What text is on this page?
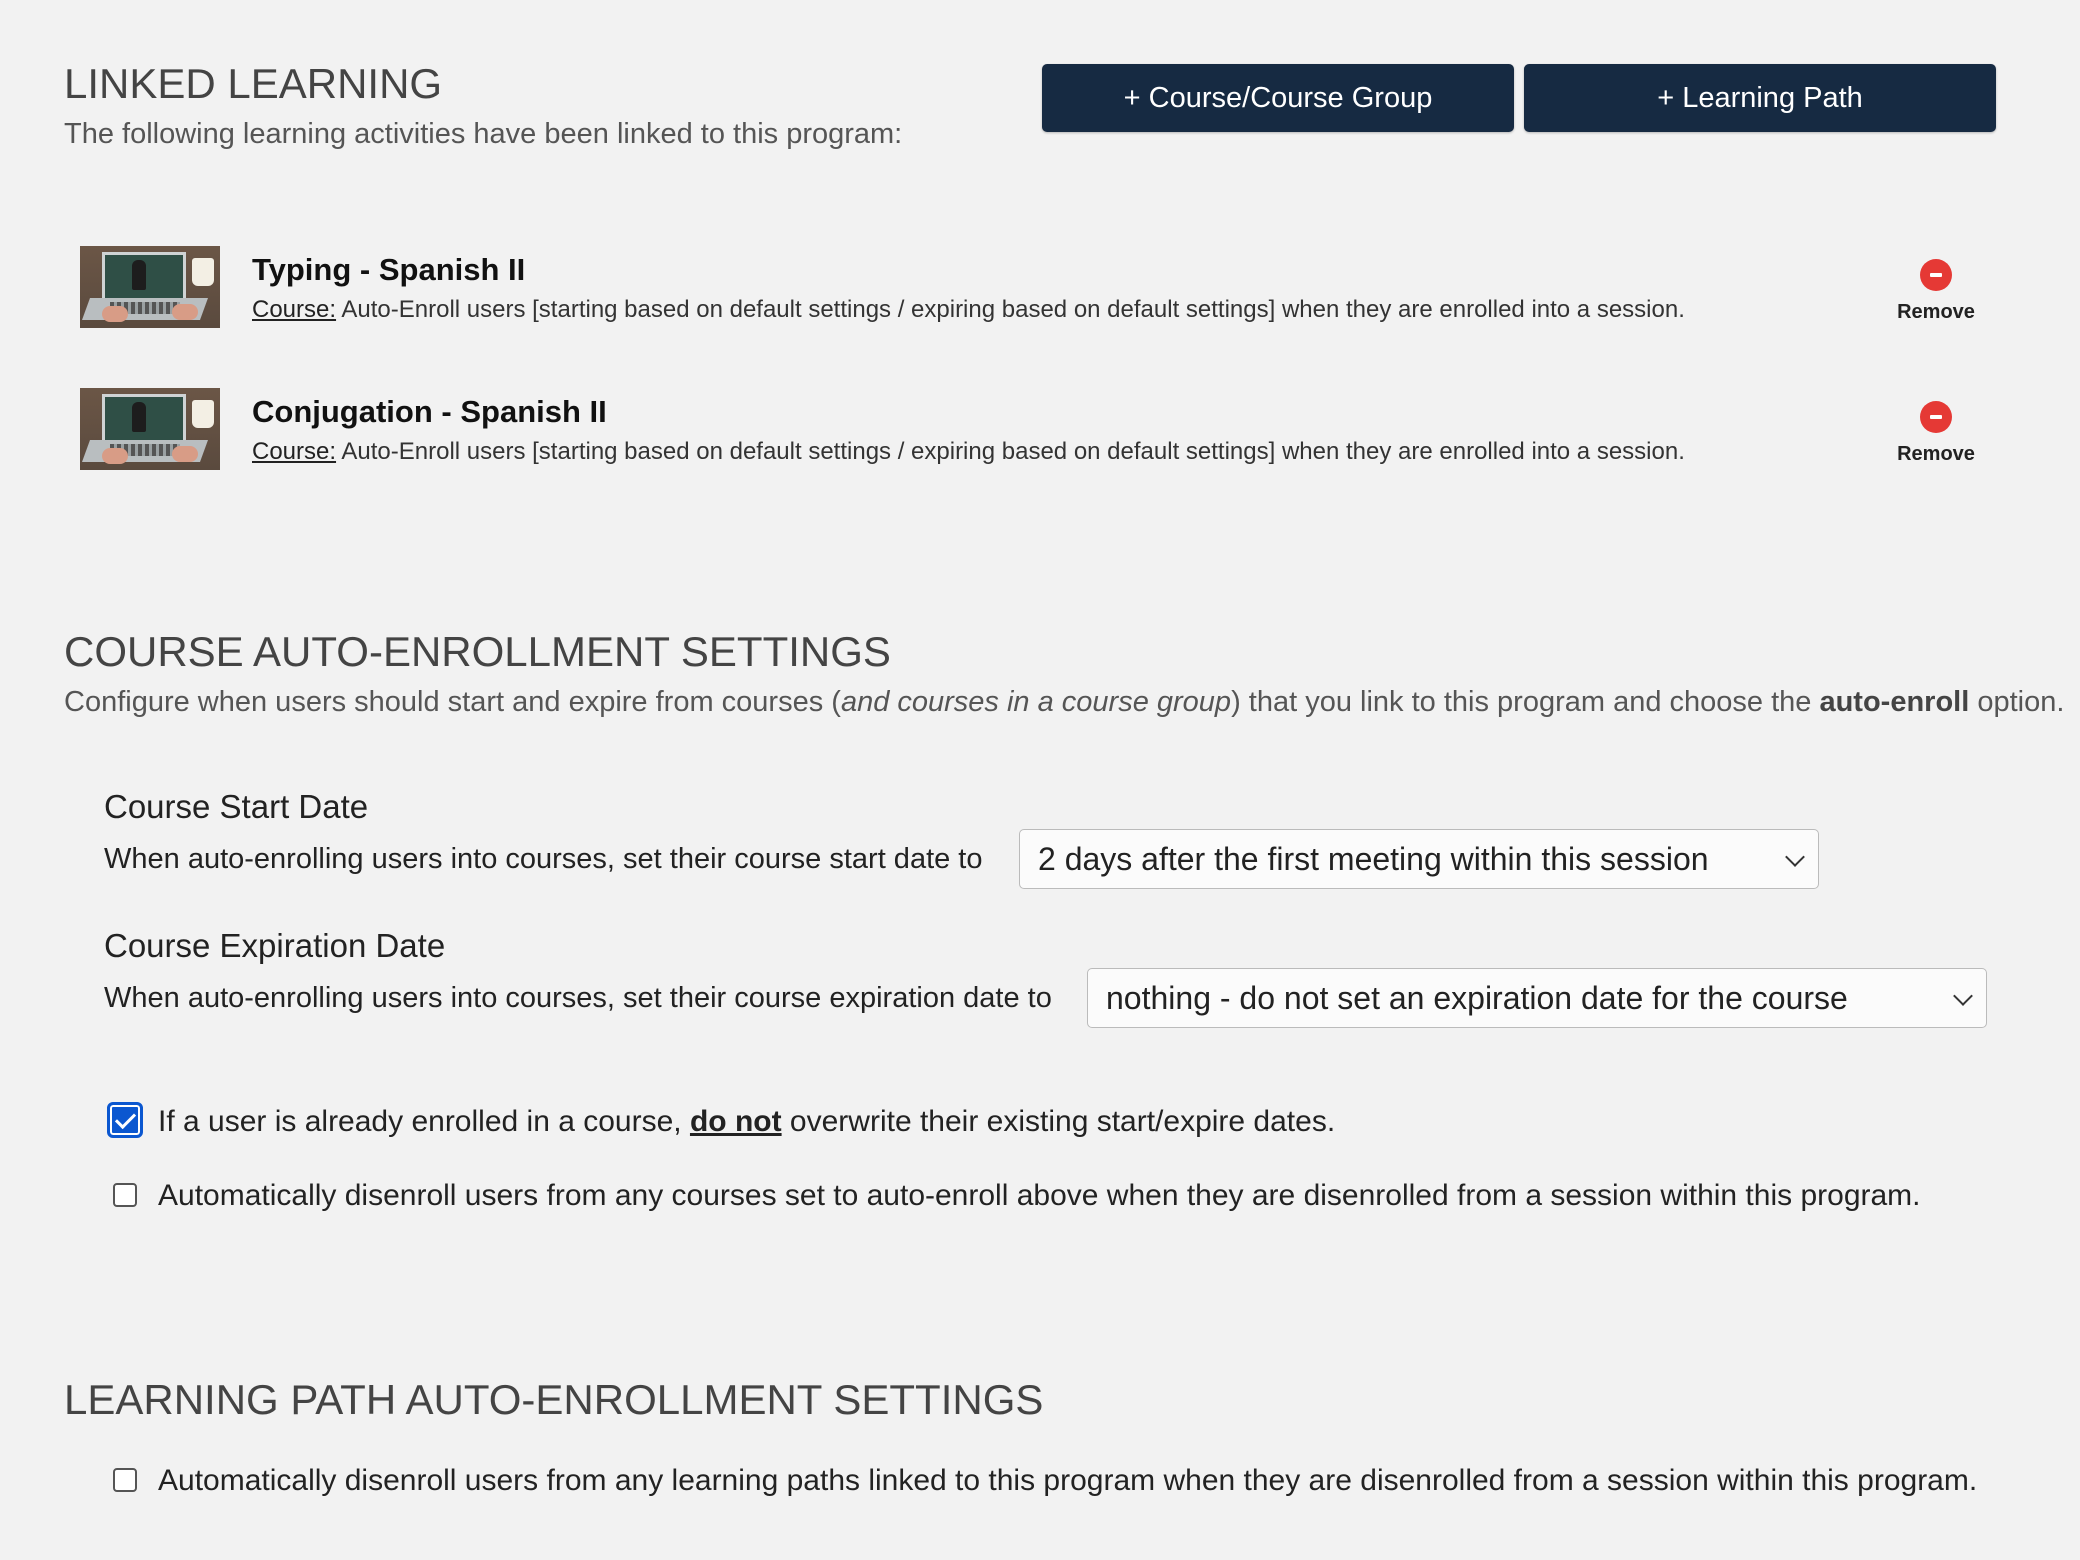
LINKED LEARNING
The following learning activities have been linked to this program:
+ Course/Course Group	+ Learning Path
Typing - Spanish II
Course: Auto-Enroll users [starting based on default settings / expiring based on default settings] when they are enrolled into a session.	Remove
Conjugation - Spanish II
Course: Auto-Enroll users [starting based on default settings / expiring based on default settings] when they are enrolled into a session.	Remove
COURSE AUTO-ENROLLMENT SETTINGS
Configure when users should start and expire from courses (and courses in a course group) that you link to this program and choose the auto-enroll option.
Course Start Date
When auto-enrolling users into courses, set their course start date to 2 days after the first meeting within this session
Course Expiration Date
When auto-enrolling users into courses, set their course expiration date to nothing - do not set an expiration date for the course
If a user is already enrolled in a course, do not overwrite their existing start/expire dates.
Automatically disenroll users from any courses set to auto-enroll above when they are disenrolled from a session within this program.
LEARNING PATH AUTO-ENROLLMENT SETTINGS
Automatically disenroll users from any learning paths linked to this program when they are disenrolled from a session within this program.
